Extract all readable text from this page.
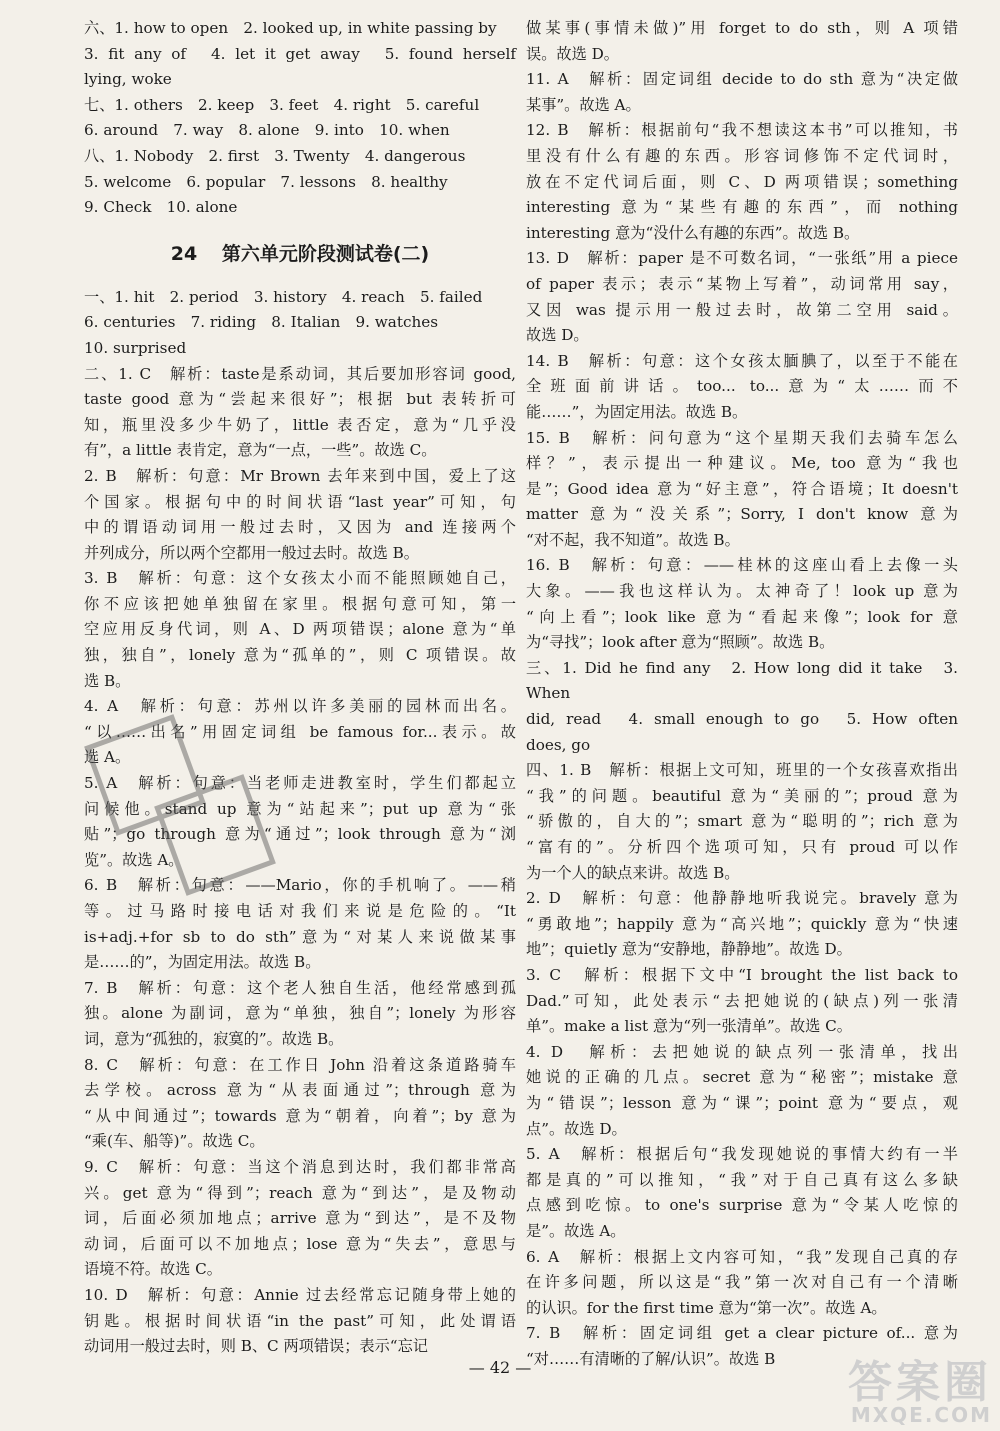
六、1. how to open　2. looked up, in white passing by

3. fit any of　4. let it get away　5. found herself

lying, woke

七、1. others　2. keep　3. feet　4. right　5. careful

6. around　7. way　8. alone　9. into　10. when

八、1. Nobody　2. first　3. Twenty　4. dangerous

5. welcome　6. popular　7. lessons　8. healthy

9. Check　10. alone

24 第六单元阶段测试卷(二)

一、1. hit　2. period　3. history　4. reach　5. failed

6. centuries　7. riding　8. Italian　9. watches

10. surprised

二、1. C　解析：taste是系动词，其后要加形容词 good,

taste good 意为“尝起来很好”；根据 but 表转折可

知，瓶里没多少牛奶了，little 表否定，意为“几乎没

有”，a little 表肯定，意为“一点，一些”。故选 C。

2. B　解析：句意：Mr Brown 去年来到中国，爱上了这

个国家。根据句中的时间状语“last year”可知，句

中的谓语动词用一般过去时，又因为 and 连接两个

并列成分，所以两个空都用一般过去时。故选 B。

3. B　解析：句意：这个女孩太小而不能照顾她自己，

你不应该把她单独留在家里。根据句意可知，第一

空应用反身代词，则 A、D 两项错误；alone 意为“单

独，独自”，lonely 意为“孤单的”，则 C 项错误。故

选 B。

4. A　解析：句意：苏州以许多美丽的园林而出名。

“以……出名”用固定词组 be famous for...表示。故

选 A。

5. A　解析：句意：当老师走进教室时，学生们都起立

问候他。stand up 意为“站起来”；put up 意为“张

贴”；go through 意为“通过”；look through 意为“浏

览”。故选 A。

6. B　解析：句意：——Mario，你的手机响了。——稍

等。过马路时接电话对我们来说是危险的。“It

is+adj.+for sb to do sth”意为“对某人来说做某事

是……的”，为固定用法。故选 B。

7. B　解析：句意：这个老人独自生活，他经常感到孤

独。alone 为副词，意为“单独，独自”；lonely 为形容

词，意为“孤独的，寂寞的”。故选 B。

8. C　解析：句意：在工作日 John 沿着这条道路骑车

去学校。across 意为“从表面通过”；through 意为

“从中间通过”；towards 意为“朝着，向着”；by 意为

“乘(车、船等)”。故选 C。

9. C　解析：句意：当这个消息到达时，我们都非常高

兴。get 意为“得到”；reach 意为“到达”，是及物动

词，后面必须加地点；arrive 意为“到达”，是不及物

动词，后面可以不加地点；lose 意为“失去”，意思与

语境不符。故选 C。

10. D　解析：句意：Annie 过去经常忘记随身带上她的

钥匙。根据时间状语“in the past”可知，此处谓语

动词用一般过去时，则 B、C 两项错误；表示“忘记

做某事(事情未做)”用 forget to do sth，则 A 项错

误。故选 D。

11. A　解析：固定词组 decide to do sth 意为“决定做

某事”。故选 A。

12. B　解析：根据前句“我不想读这本书”可以推知，书

里没有什么有趣的东西。形容词修饰不定代词时，

放在不定代词后面，则 C、D 两项错误；something

interesting 意为“某些有趣的东西”，而 nothing

interesting 意为“没什么有趣的东西”。故选 B。

13. D　解析：paper 是不可数名词，“一张纸”用 a piece

of paper 表示；表示“某物上写着”，动词常用 say，

又因 was 提示用一般过去时，故第二空用 said。

故选 D。

14. B　解析：句意：这个女孩太腼腆了，以至于不能在

全班面前讲话。too... to...意为“太……而不

能……”，为固定用法。故选 B。

15. B　解析：问句意为“这个星期天我们去骑车怎么

样？”，表示提出一种建议。Me, too 意为“我也

是”；Good idea 意为“好主意”，符合语境；It doesn't

matter 意为“没关系”；Sorry, I don't know 意为

“对不起，我不知道”。故选 B。

16. B　解析：句意：——桂林的这座山看上去像一头

大象。——我也这样认为。太神奇了！look up 意为

“向上看”；look like 意为“看起来像”；look for 意

为“寻找”；look after 意为“照顾”。故选 B。

三、1. Did he find any　2. How long did it take　3. When

did, read　4. small enough to go　5. How often

does, go

四、1. B　解析：根据上文可知，班里的一个女孩喜欢指出

“我”的问题。beautiful 意为“美丽的”；proud 意为

“骄傲的，自大的”；smart 意为“聪明的”；rich 意为

“富有的”。分析四个选项可知，只有 proud 可以作

为一个人的缺点来讲。故选 B。

2. D　解析：句意：他静静地听我说完。bravely 意为

“勇敢地”；happily 意为“高兴地”；quickly 意为“快速

地”；quietly 意为“安静地，静静地”。故选 D。

3. C　解析：根据下文中“I brought the list back to

Dad.”可知，此处表示“去把她说的(缺点)列一张清

单”。make a list 意为“列一张清单”。故选 C。

4. D　解析：去把她说的缺点列一张清单，找出

她说的正确的几点。secret 意为“秘密”；mistake 意

为“错误”；lesson 意为“课”；point 意为“要点，观

点”。故选 D。

5. A　解析：根据后句“我发现她说的事情大约有一半

都是真的”可以推知，“我”对于自己真有这么多缺

点感到吃惊。to one's surprise 意为“令某人吃惊的

是”。故选 A。

6. A　解析：根据上文内容可知，“我”发现自己真的存

在许多问题，所以这是“我”第一次对自己有一个清晰

的认识。for the first time 意为“第一次”。故选 A。

7. B　解析：固定词组 get a clear picture of... 意为

“对……有清晰的了解/认识”。故选 B

— 42 —	答案圈
MXQE.COM
